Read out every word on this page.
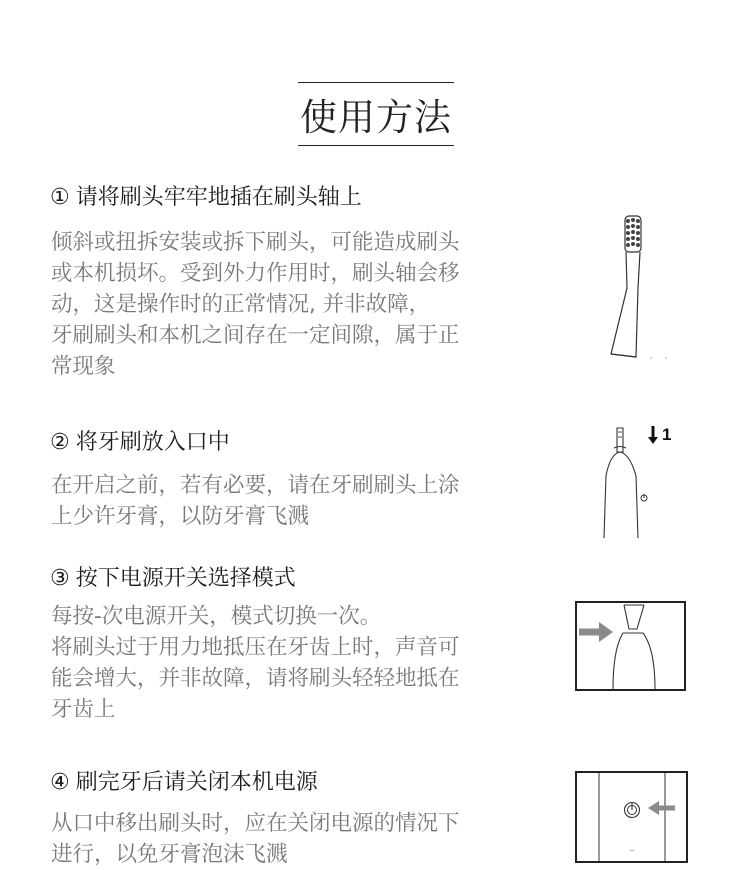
使用方法
① 请将刷头牢牢地插在刷头轴上
倾斜或扭拆安装或拆下刷头，可能造成刷头
或本机损坏。受到外力作用时，刷头轴会移
动，这是操作时的正常情况, 并非故障，
牙刷刷头和本机之间存在一定间隙，属于正
常现象
② 将牙刷放入口中
在开启之前，若有必要，请在牙刷刷头上涂
上少许牙膏，以防牙膏飞溅
1
③ 按下电源开关选择模式
每按-次电源开关，模式切换一次。
将刷头过于用力地抵压在牙齿上时，声音可
能会增大，并非故障，请将刷头轻轻地抵在
牙齿上
④ 刷完牙后请关闭本机电源
从口中移出刷头时，应在关闭电源的情况下
进行，以免牙膏泡沫飞溅
